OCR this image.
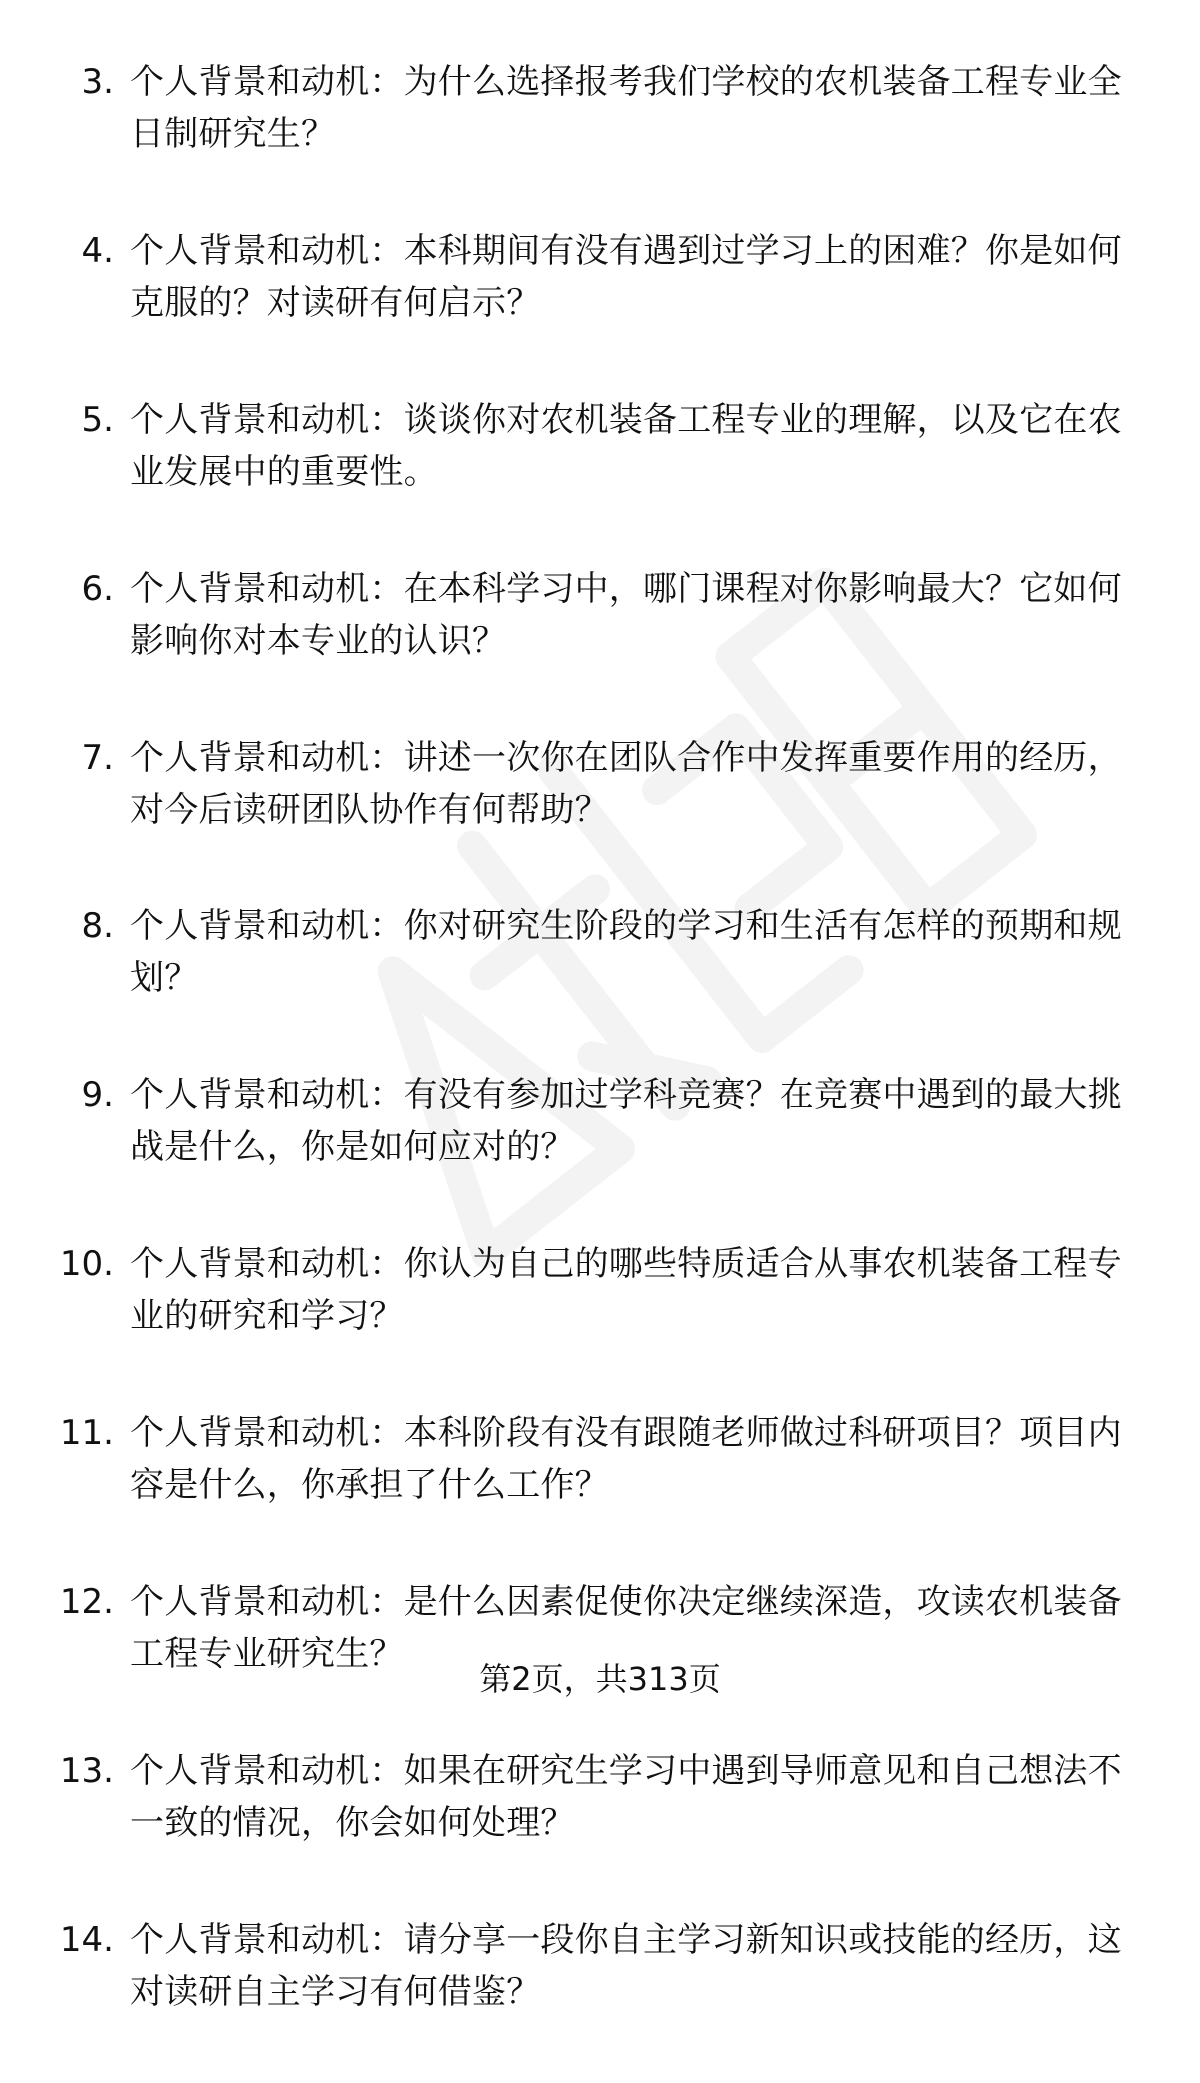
3. 个人背景和动机：为什么选择报考我们学校的农机装备工程专业全日制研究生？
4. 个人背景和动机：本科期间有没有遇到过学习上的困难？你是如何克服的？对读研有何启示？
5. 个人背景和动机：谈谈你对农机装备工程专业的理解，以及它在农业发展中的重要性。
6. 个人背景和动机：在本科学习中，哪门课程对你影响最大？它如何影响你对本专业的认识？
7. 个人背景和动机：讲述一次你在团队合作中发挥重要作用的经历，对今后读研团队协作有何帮助？
8. 个人背景和动机：你对研究生阶段的学习和生活有怎样的预期和规划？
9. 个人背景和动机：有没有参加过学科竞赛？在竞赛中遇到的最大挑战是什么，你是如何应对的？
10. 个人背景和动机：你认为自己的哪些特质适合从事农机装备工程专业的研究和学习？
11. 个人背景和动机：本科阶段有没有跟随老师做过科研项目？项目内容是什么，你承担了什么工作？
12. 个人背景和动机：是什么因素促使你决定继续深造，攻读农机装备工程专业研究生？
13. 个人背景和动机：如果在研究生学习中遇到导师意见和自己想法不一致的情况，你会如何处理？
14. 个人背景和动机：请分享一段你自主学习新知识或技能的经历，这对读研自主学习有何借鉴？
第2页，共313页
